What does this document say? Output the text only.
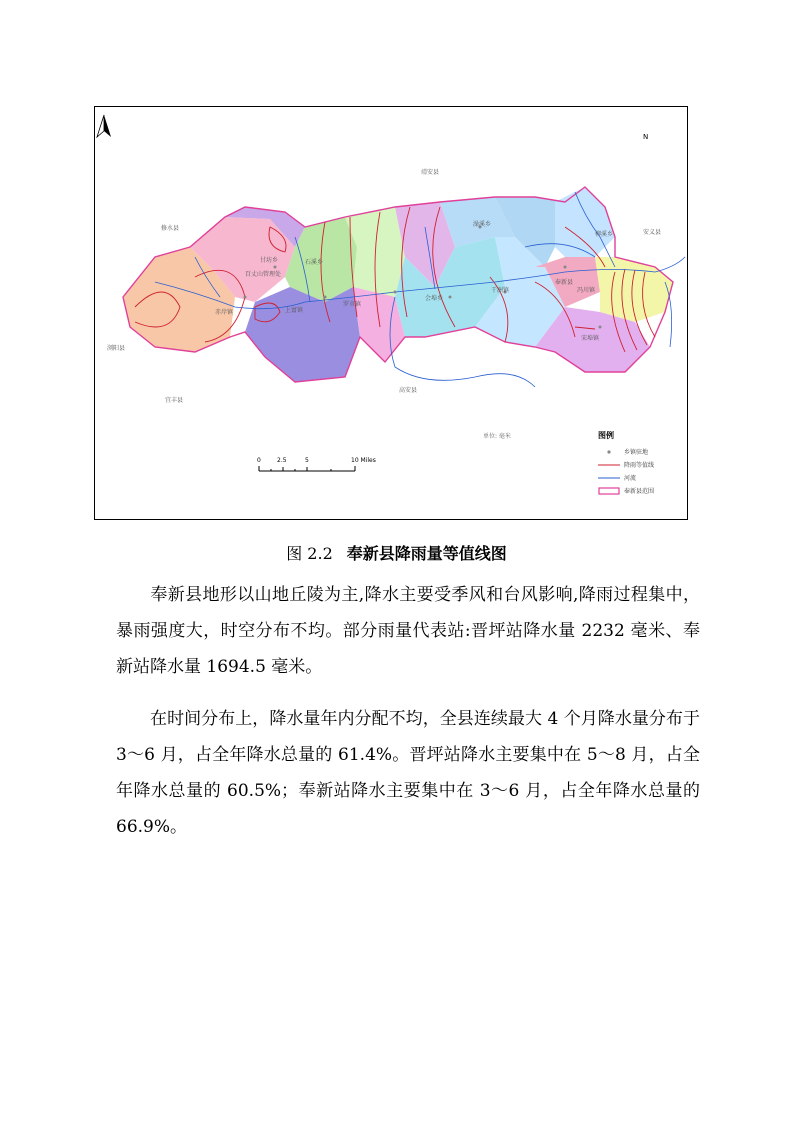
靖安县
修水县
安义县
浏阳县
宜丰县
高安县
奉新县
上富镇
赤岸镇
会埠乡
甘坊乡
百丈山管理处
罗市镇
冯川镇
宋埠镇
澡溪乡
柳溪乡
石溪乡
干洲镇
N
0	2.5	5	10 Miles
单位: 毫米	图例
乡镇驻地
降雨等值线
河流
奉新县范围
图 2.2 奉新县降雨量等值线图
奉新县地形以山地丘陵为主,降水主要受季风和台风影响,降雨过程集中，暴雨强度大，时空分布不均。部分雨量代表站:晋坪站降水量 2232 毫米、奉新站降水量 1694.5 毫米。
在时间分布上，降水量年内分配不均，全县连续最大 4 个月降水量分布于 3～6 月，占全年降水总量的 61.4%。晋坪站降水主要集中在 5～8 月，占全年降水总量的 60.5%；奉新站降水主要集中在 3～6 月，占全年降水总量的 66.9%。
